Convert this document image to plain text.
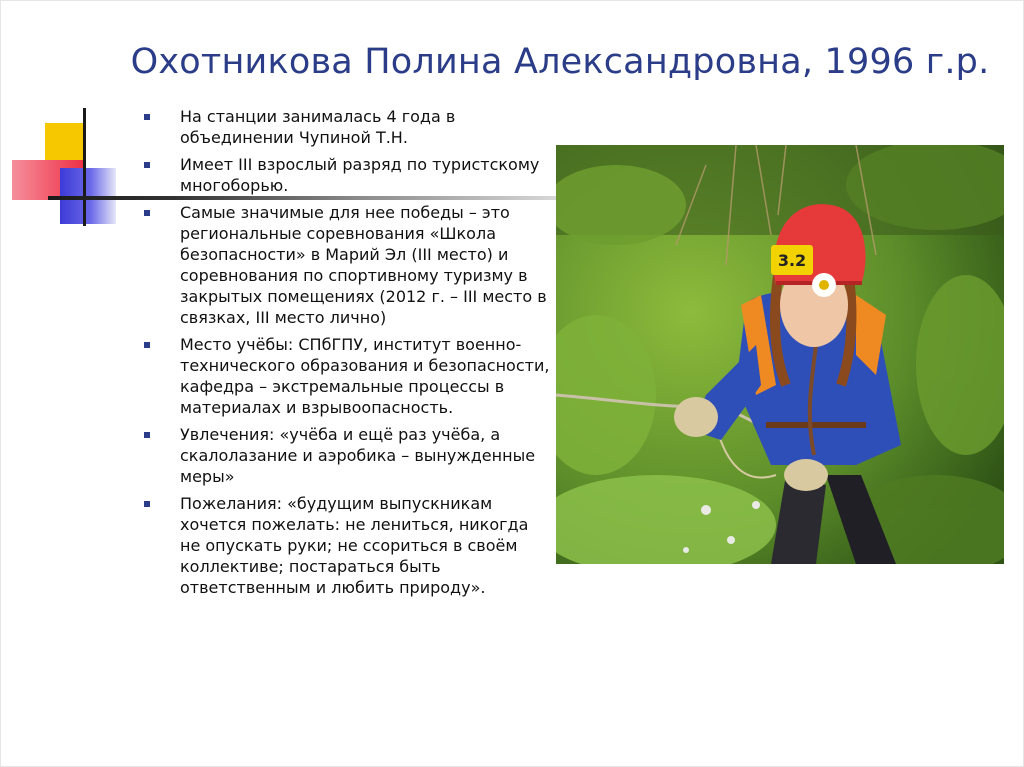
Охотникова Полина Александровна, 1996 г.р.
На станции занималась 4 года в объединении Чупиной Т.Н.
Имеет III взрослый разряд по туристскому многоборью.
Самые значимые для нее победы – это региональные соревнования «Школа безопасности» в Марий Эл (III место) и соревнования по спортивному туризму в закрытых помещениях (2012 г. – III место в связках, III место лично)
Место учёбы: СПбГПУ, институт военно-технического образования и безопасности, кафедра – экстремальные процессы в материалах и взрывоопасность.
Увлечения: «учёба и ещё раз учёба, а скалолазание и аэробика – вынужденные меры»
Пожелания: «будущим выпускникам хочется пожелать: не лениться, никогда не опускать руки; не ссориться в своём коллективе; постараться быть ответственным и любить природу».
3.2
